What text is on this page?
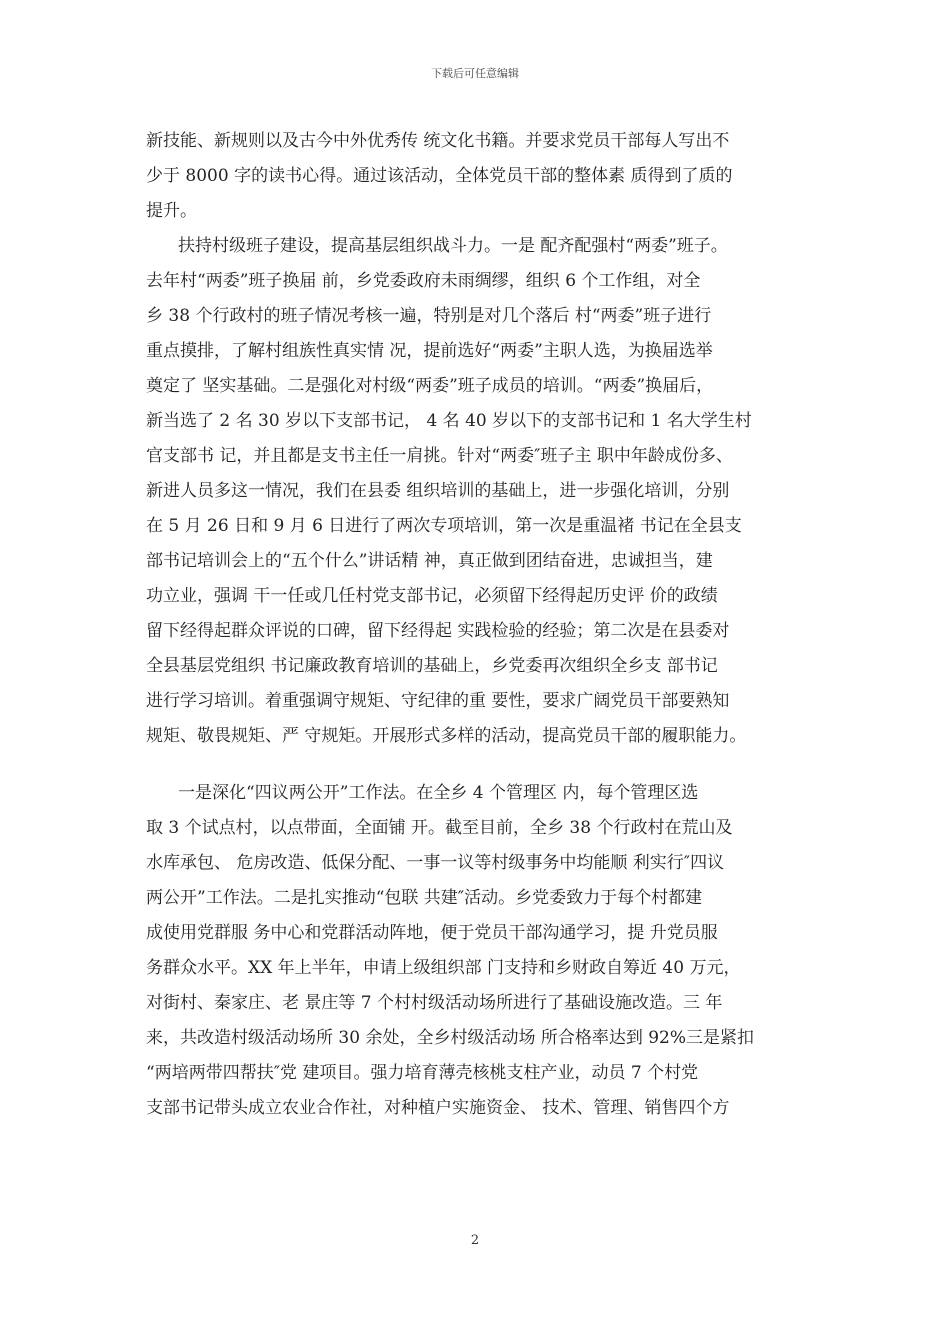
下载后可任意编辑
新技能、新规则以及古今中外优秀传 统文化书籍。并要求党员干部每人写出不
少于 8000 字的读书心得。通过该活动，全体党员干部的整体素 质得到了质的
提升。
扶持村级班子建设，提高基层组织战斗力。一是 配齐配强村“两委”班子。
去年村“两委”班子换届 前，乡党委政府未雨绸缪，组织 6 个工作组，对全
乡 38 个行政村的班子情况考核一遍，特别是对几个落后 村“两委”班子进行
重点摸排，了解村组族性真实情 况，提前选好“两委”主职人选，为换届选举
奠定了 坚实基础。二是强化对村级“两委”班子成员的培训。“两委”换届后，
新当选了 2 名 30 岁以下支部书记， 4 名 40 岁以下的支部书记和 1 名大学生村
官支部书 记，并且都是支书主任一肩挑。针对“两委″班子主 职中年龄成份多、
新进人员多这一情况，我们在县委 组织培训的基础上，进一步强化培训，分别
在 5 月 26 日和 9 月 6 日进行了两次专项培训，第一次是重温褚 书记在全县支
部书记培训会上的“五个什么”讲话精 神，真正做到团结奋进，忠诚担当，建
功立业，强调 干一任或几任村党支部书记，必须留下经得起历史评 价的政绩
留下经得起群众评说的口碑，留下经得起 实践检验的经验；第二次是在县委对
全县基层党组织 书记廉政教育培训的基础上，乡党委再次组织全乡支 部书记
进行学习培训。着重强调守规矩、守纪律的重 要性，要求广阔党员干部要熟知
规矩、敬畏规矩、严 守规矩。开展形式多样的活动，提高党员干部的履职能力。
一是深化“四议两公开”工作法。在全乡 4 个管理区 内，每个管理区选
取 3 个试点村，以点带面，全面铺 开。截至目前，全乡 38 个行政村在荒山及
水库承包、 危房改造、低保分配、一事一议等村级事务中均能顺 利实行″四议
两公开”工作法。二是扎实推动“包联 共建″活动。乡党委致力于每个村都建
成使用党群服 务中心和党群活动阵地，便于党员干部沟通学习，提 升党员服
务群众水平。XX 年上半年，申请上级组织部 门支持和乡财政自筹近 40 万元，
对街村、秦家庄、老 景庄等 7 个村村级活动场所进行了基础设施改造。三 年
来，共改造村级活动场所 30 余处，全乡村级活动场 所合格率达到 92%三是紧扣
“两培两带四帮扶″党 建项目。强力培育薄壳核桃支柱产业，动员 7 个村党
支部书记带头成立农业合作社，对种植户实施资金、 技术、管理、销售四个方
2
